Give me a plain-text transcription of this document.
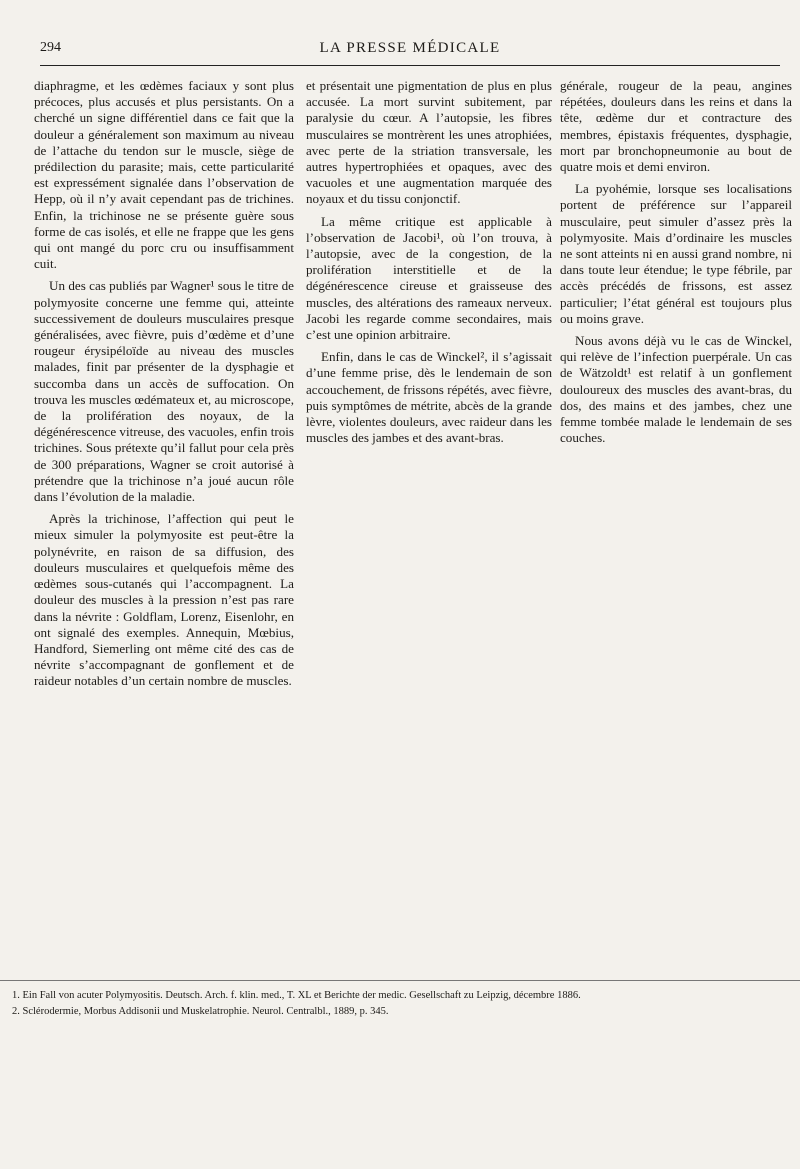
294	LA PRESSE MÉDICALE

diaphragme, et les œdèmes faciaux y sont plus précoces, plus accusés et plus persistants. On a cherché un signe différentiel dans ce fait que la douleur a généralement son maximum au niveau de l’attache du tendon sur le muscle, siège de prédilection du parasite; mais, cette particularité est expressément signalée dans l’observation de Hepp, où il n’y avait cependant pas de trichines. Enfin, la trichinose ne se présente guère sous forme de cas isolés, et elle ne frappe que les gens qui ont mangé du porc cru ou insuffisamment cuit.

Un des cas publiés par Wagner¹ sous le titre de polymyosite concerne une femme qui, atteinte successivement de douleurs musculaires presque généralisées, avec fièvre, puis d’œdème et d’une rougeur érysipéloïde au niveau des muscles malades, finit par présenter de la dysphagie et succomba dans un accès de suffocation. On trouva les muscles œdémateux et, au microscope, de la prolifération des noyaux, de la dégénérescence vitreuse, des vacuoles, enfin trois trichines. Sous prétexte qu’il fallut pour cela près de 300 préparations, Wagner se croit autorisé à prétendre que la trichinose n’a joué aucun rôle dans l’évolution de la maladie.

Après la trichinose, l’affection qui peut le mieux simuler la polymyosite est peut-être la polynévrite, en raison de sa diffusion, des douleurs musculaires et quelquefois même des œdèmes sous-cutanés qui l’accompagnent. La douleur des muscles à la pression n’est pas rare dans la névrite : Goldflam, Lorenz, Eisenlohr, en ont signalé des exemples. Annequin, Mœbius, Handford, Siemerling ont même cité des cas de névrite s’accompagnant de gonflement et de raideur notables d’un certain nombre de muscles.

et présentait une pigmentation de plus en plus accusée. La mort survint subitement, par paralysie du cœur. A l’autopsie, les fibres musculaires se montrèrent les unes atrophiées, avec perte de la striation transversale, les autres hypertrophiées et opaques, avec des vacuoles et une augmentation marquée des noyaux et du tissu conjonctif.

La même critique est applicable à l’observation de Jacobi¹, où l’on trouva, à l’autopsie, avec de la congestion, de la prolifération interstitielle et de la dégénérescence cireuse et graisseuse des muscles, des altérations des rameaux nerveux. Jacobi les regarde comme secondaires, mais c’est une opinion arbitraire.

Enfin, dans le cas de Winckel², il s’agissait d’une femme prise, dès le lendemain de son accouchement, de frissons répétés, avec fièvre, puis symptômes de métrite, abcès de la grande lèvre, violentes douleurs, avec raideur dans les muscles des jambes et des avant-bras.

générale, rougeur de la peau, angines répétées, douleurs dans les reins et dans la tête, œdème dur et contracture des membres, épistaxis fréquentes, dysphagie, mort par bronchopneumonie au bout de quatre mois et demi environ.

La pyohémie, lorsque ses localisations portent de préférence sur l’appareil musculaire, peut simuler d’assez près la polymyosite. Mais d’ordinaire les muscles ne sont atteints ni en aussi grand nombre, ni dans toute leur étendue; le type fébrile, par accès précédés de frissons, est assez particulier; l’état général est toujours plus ou moins grave.

Nous avons déjà vu le cas de Winckel, qui relève de l’infection puerpérale. Un cas de Wätzoldt¹ est relatif à un gonflement douloureux des muscles des avant-bras, du dos, des mains et des jambes, chez une femme tombée malade le lendemain de ses couches.

1. Ein Fall von acuter Polymyositis. Deutsch. Arch. f. klin. med., T. XL et Berichte der medic. Gesellschaft zu Leipzig, décembre 1886.

2. Sclérodermie, Morbus Addisonii und Muskelatrophie. Neurol. Centralbl., 1889, p. 345.
